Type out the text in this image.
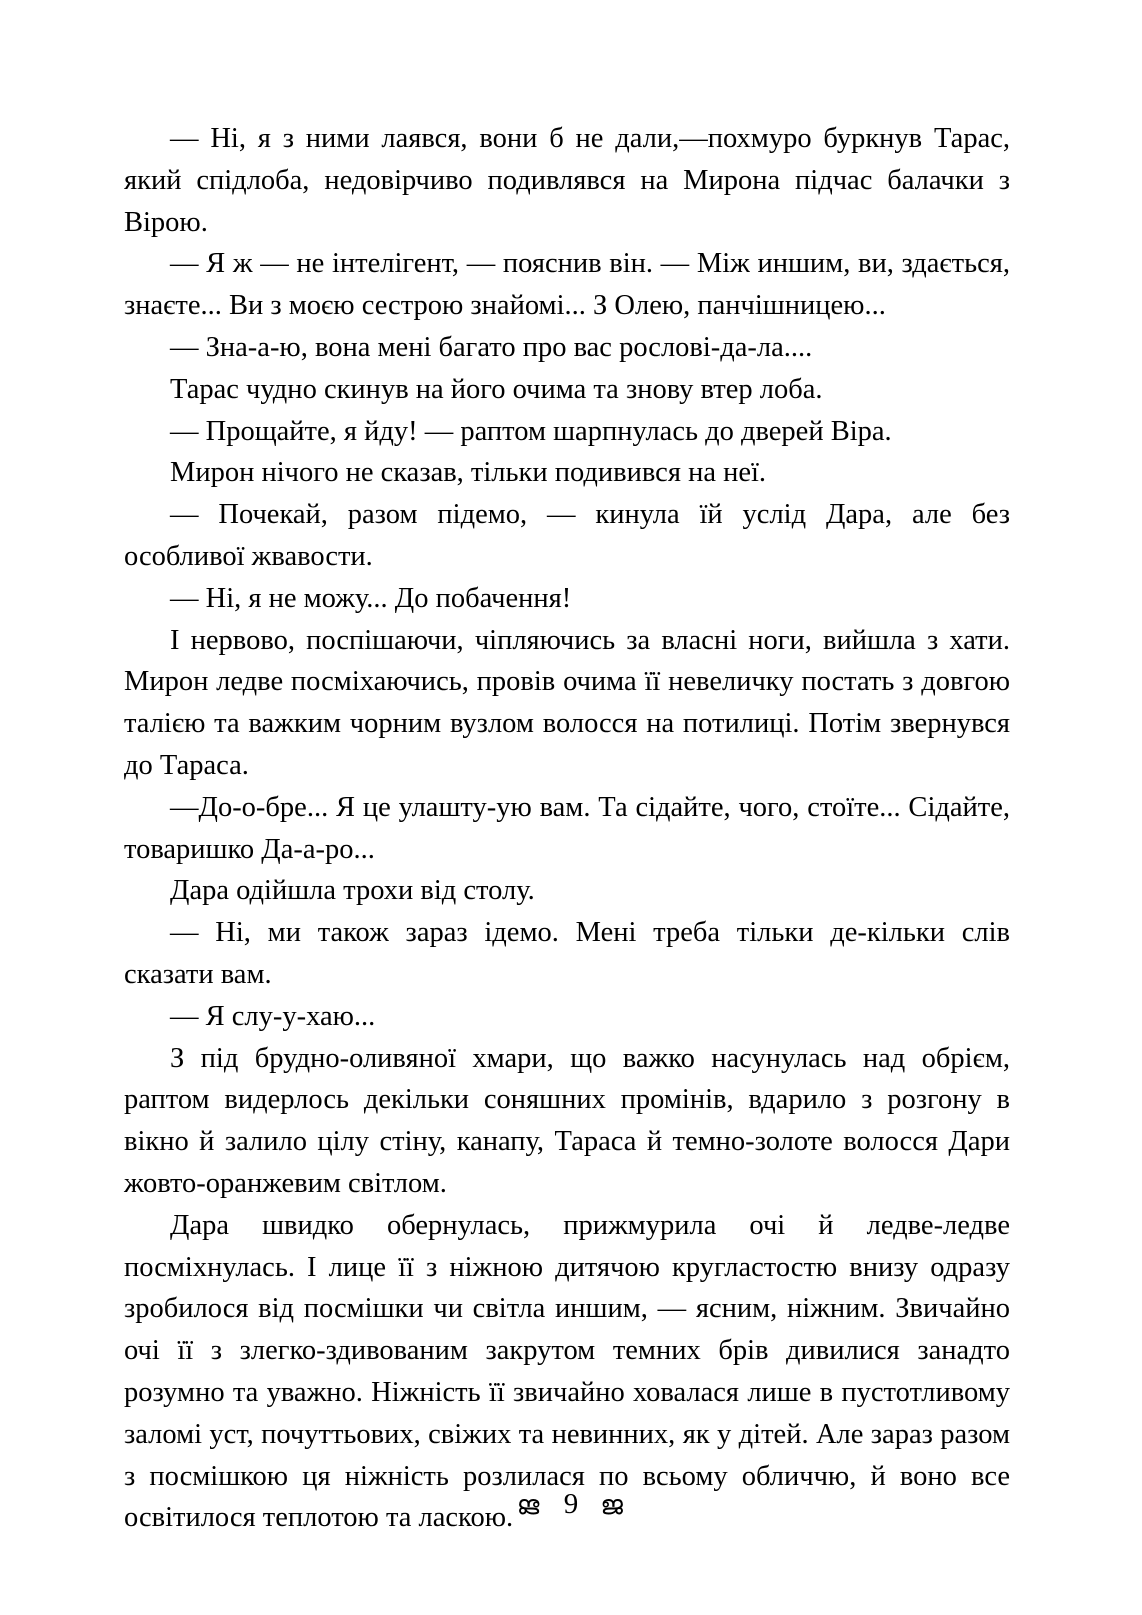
— Ні, я з ними лаявся, вони б не дали,—похмуро буркнув Тарас, який спідлоба, недовірчиво подивлявся на Мирона підчас балачки з Вірою.

— Я ж — не інтелігент, — пояснив він. — Між иншим, ви, здається, знаєте... Ви з моєю сестрою знайомі... З Олею, панчішницею...

— Зна-а-ю, вона мені багато про вас рослові-да-ла....

Тарас чудно скинув на його очима та знову втер лоба.

— Прощайте, я йду! — раптом шарпнулась до дверей Віра.

Мирон нічого не сказав, тільки подивився на неї.

— Почекай, разом підемо, — кинула їй услід Дара, але без особливої жвавости.

— Ні, я не можу... До побачення!

І нервово, поспішаючи, чіпляючись за власні ноги, вийшла з хати. Мирон ледве посміхаючись, провів очима її невеличку постать з довгою талією та важким чорним вузлом волосся на потилиці. Потім звернувся до Тараса.

—До-о-бре... Я це улашту-ую вам. Та сідайте, чого, стоїте... Сідайте, товаришко Да-а-ро...

Дара одійшла трохи від столу.

— Ні, ми також зараз ідемо. Мені треба тільки де-кільки слів сказати вам.

— Я слу-у-хаю...

З під брудно-оливяної хмари, що важко насунулась над обрієм, раптом видерлось декільки соняшних промінів, вдарило з розгону в вікно й залило цілу стіну, канапу, Тараса й темно-золоте волосся Дари жовто-оранжевим світлом.

Дара швидко обернулась, прижмурила очі й ледве-ледве посміхнулась. І лице її з ніжною дитячою кругластостю внизу одразу зробилося від посмішки чи світла иншим, — ясним, ніжним. Звичайно очі її з злегко-здивованим закрутом темних брів дивилися занадто розумно та уважно. Ніжність її звичайно ховалася лише в пустотливому заломі уст, почуттьових, свіжих та невинних, як у дітей. Але зараз разом з посмішкою ця ніжність розлилася по всьому обличчю, й воно все освітилося теплотою та ласкою. ജ 9 ജ
